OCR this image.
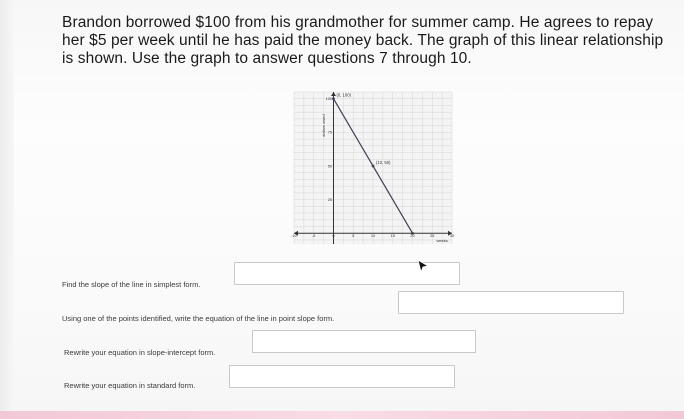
Brandon borrowed $100 from his grandmother for summer camp. He agrees to repay her $5 per week until he has paid the money back. The graph of this linear relationship is shown. Use the graph to answer questions 7 through 10.

-10	-5	0	5	10	15	20	25	30
25
50
75
100
weeks
dollars owed
(0, 100)
(10, 50)
Find the slope of the line in simplest form.
Using one of the points identified, write the equation of the line in point slope form.
Rewrite your equation in slope-intercept form.
Rewrite your equation in standard form.
